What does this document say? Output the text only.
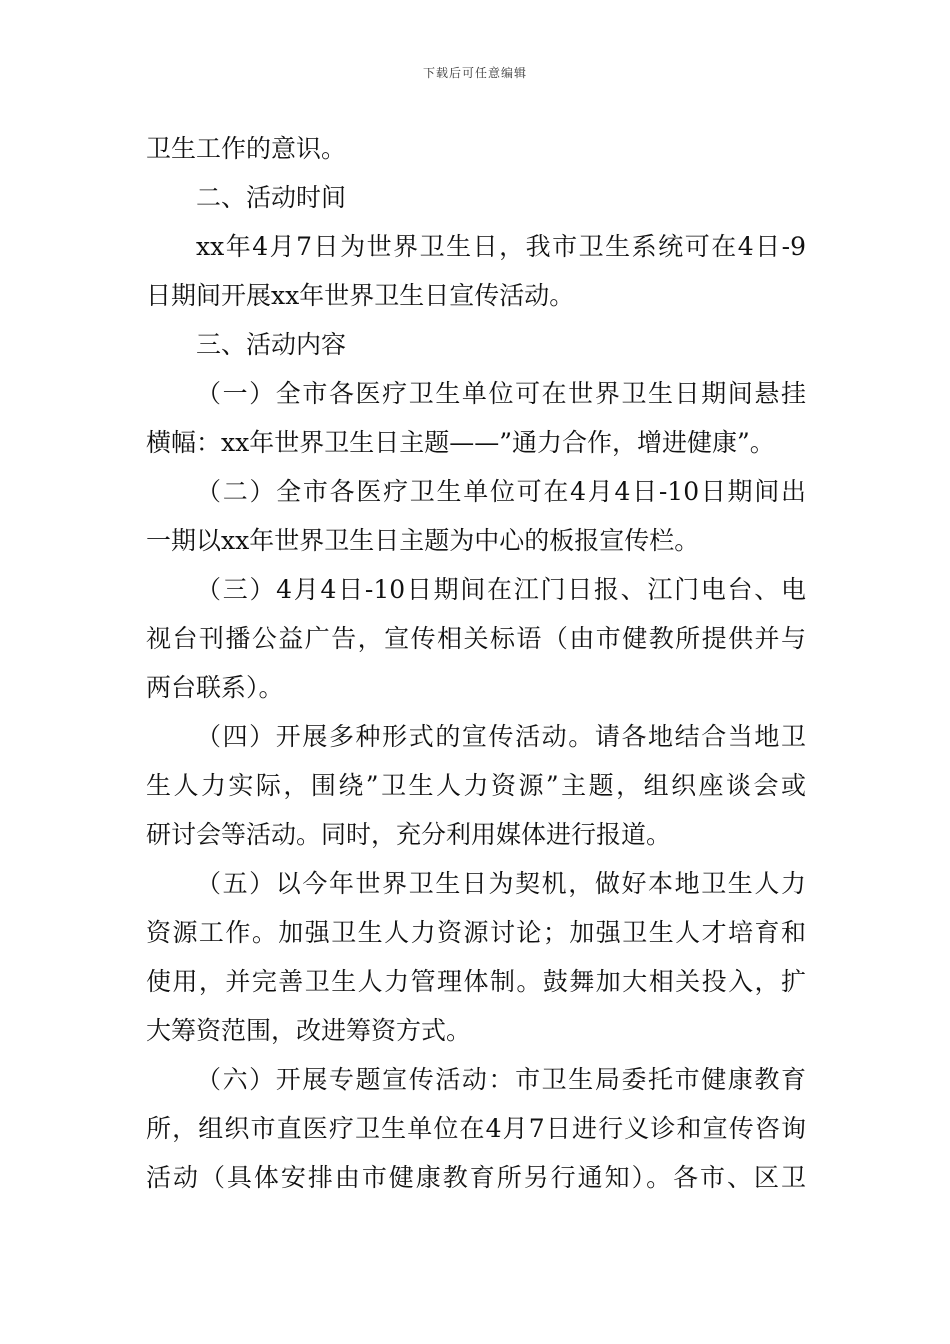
下载后可任意编辑
卫生工作的意识。
二、活动时间
xx年4月7日为世界卫生日，我市卫生系统可在4日-9
日期间开展xx年世界卫生日宣传活动。
三、活动内容
（一）全市各医疗卫生单位可在世界卫生日期间悬挂
横幅：xx年世界卫生日主题——”通力合作，增进健康”。
（二）全市各医疗卫生单位可在4月4日-10日期间出
一期以xx年世界卫生日主题为中心的板报宣传栏。
（三）4月4日-10日期间在江门日报、江门电台、电
视台刊播公益广告，宣传相关标语（由市健教所提供并与
两台联系）。
（四）开展多种形式的宣传活动。请各地结合当地卫
生人力实际，围绕”卫生人力资源”主题，组织座谈会或
研讨会等活动。同时，充分利用媒体进行报道。
（五）以今年世界卫生日为契机，做好本地卫生人力
资源工作。加强卫生人力资源讨论；加强卫生人才培育和
使用，并完善卫生人力管理体制。鼓舞加大相关投入，扩
大筹资范围，改进筹资方式。
（六）开展专题宣传活动：市卫生局委托市健康教育
所，组织市直医疗卫生单位在4月7日进行义诊和宣传咨询
活动（具体安排由市健康教育所另行通知）。各市、区卫
